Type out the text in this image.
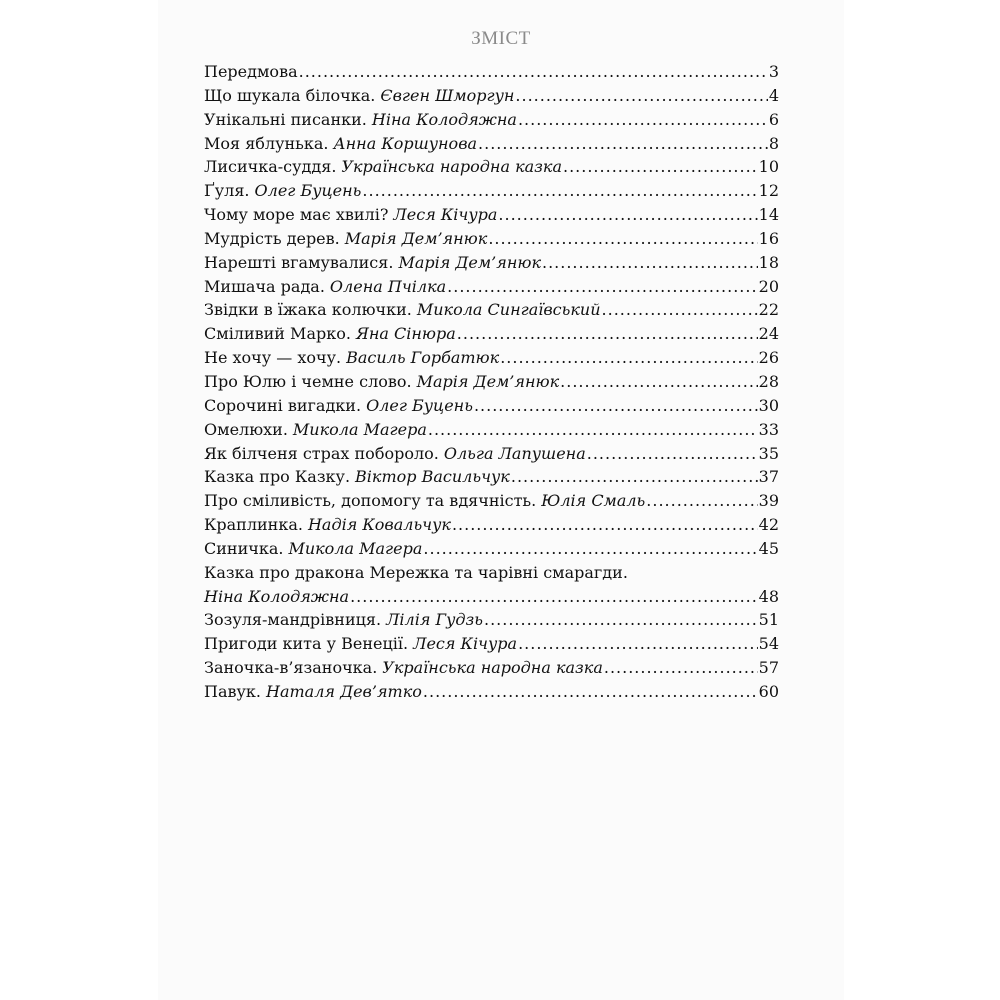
ЗМІСТ
Передмова .....	3
Що шукала білочка. Євген Шморгун .....	4
Унікальні писанки. Ніна Колодяжна .....	6
Моя яблунька. Анна Коршунова .....	8
Лисичка-суддя. Українська народна казка .....	10
Ґуля. Олег Буцень .....	12
Чому море має хвилі? Леся Кічура .....	14
Мудрість дерев. Марія Дем’янюк .....	16
Нарешті вгамувалися. Марія Дем’янюк .....	18
Мишача рада. Олена Пчілка .....	20
Звідки в їжака колючки. Микола Сингаївський .....	22
Сміливий Марко. Яна Сінюра .....	24
Не хочу — хочу. Василь Горбатюк .....	26
Про Юлю і чемне слово. Марія Дем’янюк .....	28
Сорочині вигадки. Олег Буцень .....	30
Омелюхи. Микола Магера .....	33
Як білченя страх побороло. Ольга Лапушена .....	35
Казка про Казку. Віктор Васильчук .....	37
Про сміливість, допомогу та вдячність. Юлія Смаль .....	39
Краплинка. Надія Ковальчук .....	42
Синичка. Микола Магера .....	45
Казка про дракона Мережка та чарівні смарагди.
Ніна Колодяжна .....	48
Зозуля-мандрівниця. Лілія Гудзь .....	51
Пригоди кита у Венеції. Леся Кічура .....	54
Заночка-в’язаночка. Українська народна казка .....	57
Павук. Наталя Дев’ятко .....	60
